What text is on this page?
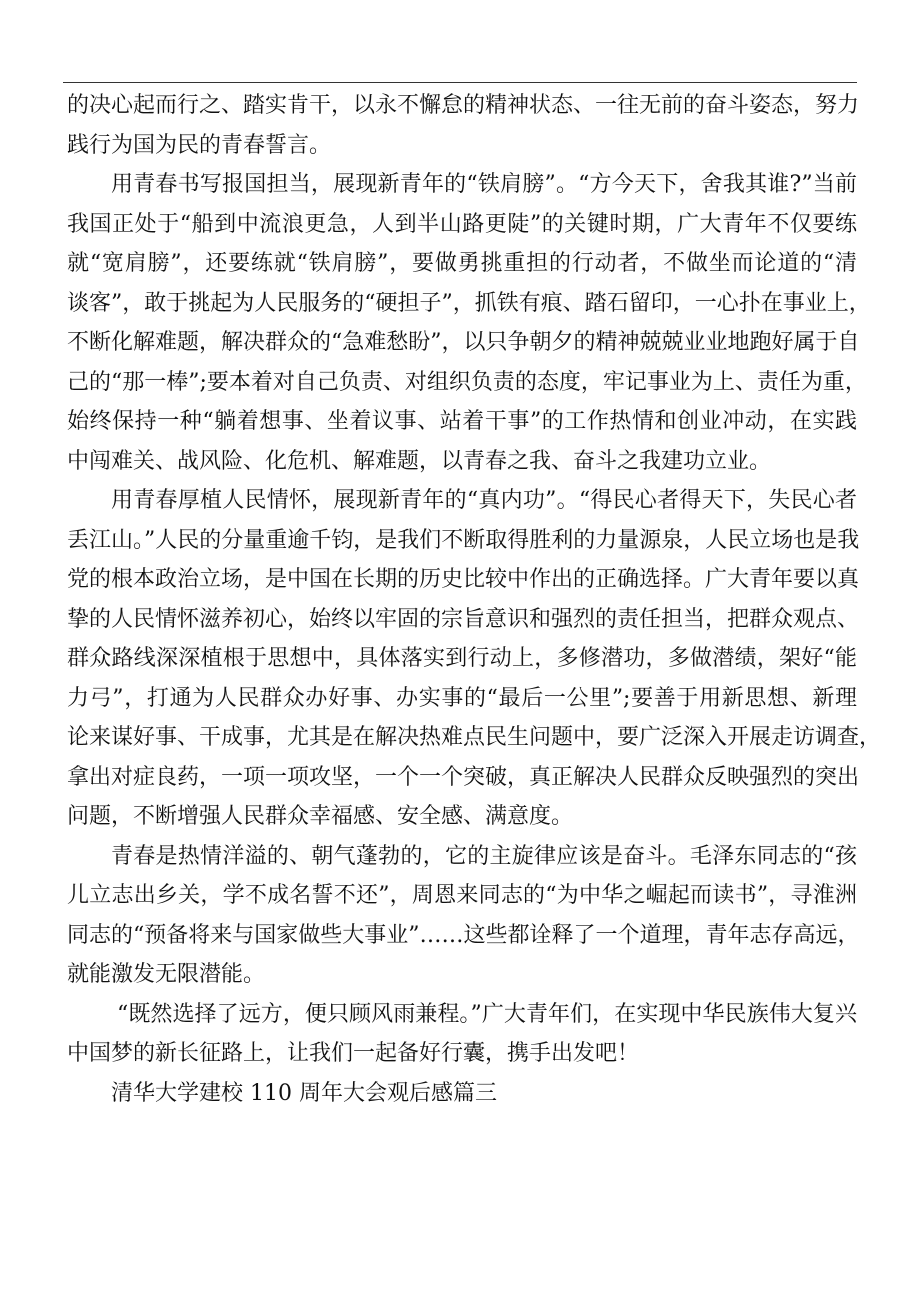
的决心起而行之、踏实肯干，以永不懈怠的精神状态、一往无前的奋斗姿态，努力
践行为国为民的青春誓言。
用青春书写报国担当，展现新青年的“铁肩膀”。“方今天下，舍我其谁?”当前
我国正处于“船到中流浪更急，人到半山路更陡”的关键时期，广大青年不仅要练
就“宽肩膀”，还要练就“铁肩膀”，要做勇挑重担的行动者，不做坐而论道的“清
谈客”，敢于挑起为人民服务的“硬担子”，抓铁有痕、踏石留印，一心扑在事业上，
不断化解难题，解决群众的“急难愁盼”，以只争朝夕的精神兢兢业业地跑好属于自
己的“那一棒”;要本着对自己负责、对组织负责的态度，牢记事业为上、责任为重，
始终保持一种“躺着想事、坐着议事、站着干事”的工作热情和创业冲动，在实践
中闯难关、战风险、化危机、解难题，以青春之我、奋斗之我建功立业。
用青春厚植人民情怀，展现新青年的“真内功”。“得民心者得天下，失民心者
丢江山。”人民的分量重逾千钧，是我们不断取得胜利的力量源泉，人民立场也是我
党的根本政治立场，是中国在长期的历史比较中作出的正确选择。广大青年要以真
挚的人民情怀滋养初心，始终以牢固的宗旨意识和强烈的责任担当，把群众观点、
群众路线深深植根于思想中，具体落实到行动上，多修潜功，多做潜绩，架好“能
力弓”，打通为人民群众办好事、办实事的“最后一公里”;要善于用新思想、新理
论来谋好事、干成事，尤其是在解决热难点民生问题中，要广泛深入开展走访调查，
拿出对症良药，一项一项攻坚，一个一个突破，真正解决人民群众反映强烈的突出
问题，不断增强人民群众幸福感、安全感、满意度。
青春是热情洋溢的、朝气蓬勃的，它的主旋律应该是奋斗。毛泽东同志的“孩
儿立志出乡关，学不成名誓不还”，周恩来同志的“为中华之崛起而读书”，寻淮洲
同志的“预备将来与国家做些大事业”……这些都诠释了一个道理，青年志存高远，
就能激发无限潜能。
“既然选择了远方，便只顾风雨兼程。”广大青年们，在实现中华民族伟大复兴
中国梦的新长征路上，让我们一起备好行囊，携手出发吧！
清华大学建校 110 周年大会观后感篇三
